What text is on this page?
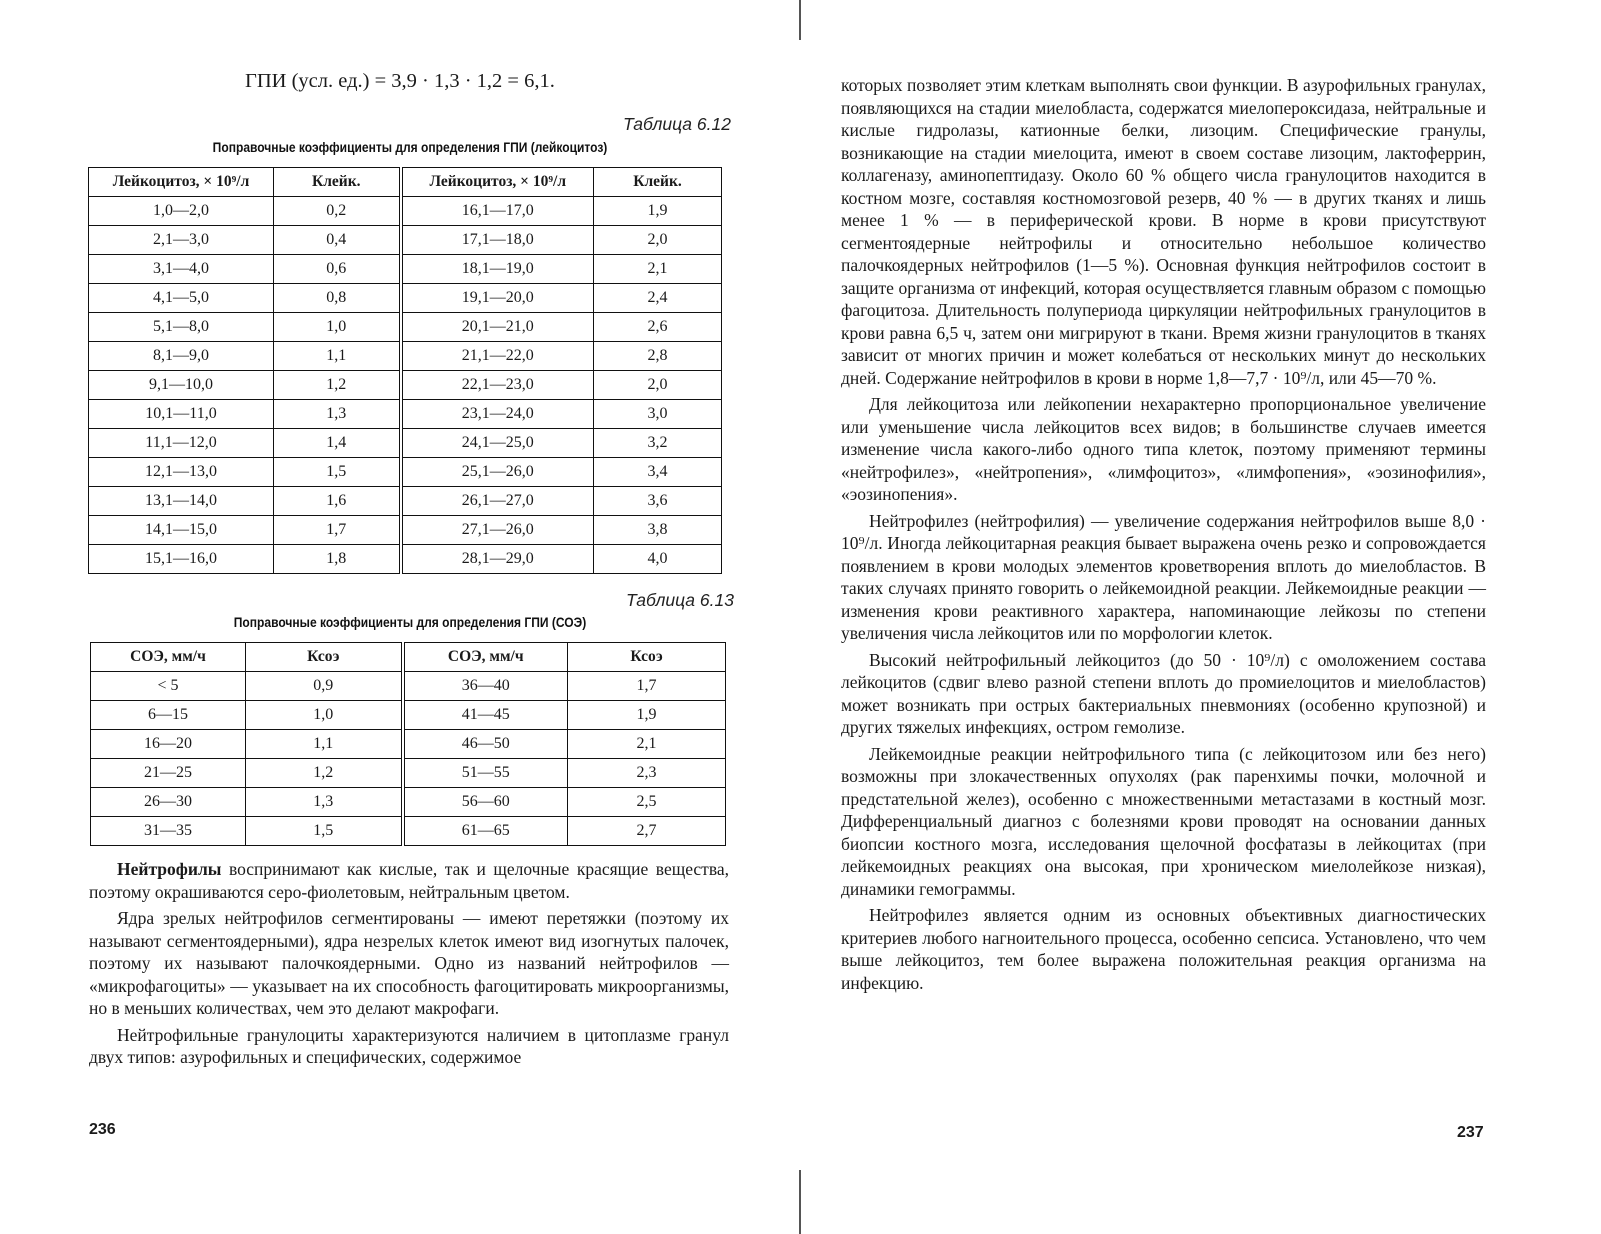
ГПИ (усл. ед.) = 3,9 · 1,3 · 1,2 = 6,1.
Таблица 6.12
Поправочные коэффициенты для определения ГПИ (лейкоцитоз)
Лейкоцитоз, × 10⁹/л	Клейк.	Лейкоцитоз, × 10⁹/л	Клейк.
1,0—2,0	0,2	16,1—17,0	1,9
2,1—3,0	0,4	17,1—18,0	2,0
3,1—4,0	0,6	18,1—19,0	2,1
4,1—5,0	0,8	19,1—20,0	2,4
5,1—8,0	1,0	20,1—21,0	2,6
8,1—9,0	1,1	21,1—22,0	2,8
9,1—10,0	1,2	22,1—23,0	2,0
10,1—11,0	1,3	23,1—24,0	3,0
11,1—12,0	1,4	24,1—25,0	3,2
12,1—13,0	1,5	25,1—26,0	3,4
13,1—14,0	1,6	26,1—27,0	3,6
14,1—15,0	1,7	27,1—26,0	3,8
15,1—16,0	1,8	28,1—29,0	4,0
Таблица 6.13
Поправочные коэффициенты для определения ГПИ (СОЭ)
СОЭ, мм/ч	Ксоэ	СОЭ, мм/ч	Ксоэ
< 5	0,9	36—40	1,7
6—15	1,0	41—45	1,9
16—20	1,1	46—50	2,1
21—25	1,2	51—55	2,3
26—30	1,3	56—60	2,5
31—35	1,5	61—65	2,7

Нейтрофилы воспринимают как кислые, так и щелочные красящие вещества, поэтому окрашиваются серо-фиолетовым, нейтральным цветом.

Ядра зрелых нейтрофилов сегментированы — имеют перетяжки (поэтому их называют сегментоядерными), ядра незрелых клеток имеют вид изогнутых палочек, поэтому их называют палочкоядерными. Одно из названий нейтрофилов — «микрофагоциты» — указывает на их способность фагоцитировать микроорганизмы, но в меньших количествах, чем это делают макрофаги.

Нейтрофильные гранулоциты характеризуются наличием в цитоплазме гранул двух типов: азурофильных и специфических, содержимое

236

которых позволяет этим клеткам выполнять свои функции. В азурофильных гранулах, появляющихся на стадии миелобласта, содержатся миелопероксидаза, нейтральные и кислые гидролазы, катионные белки, лизоцим. Специфические гранулы, возникающие на стадии миелоцита, имеют в своем составе лизоцим, лактоферрин, коллагеназу, аминопептидазу. Около 60 % общего числа гранулоцитов находится в костном мозге, составляя костномозговой резерв, 40 % — в других тканях и лишь менее 1 % — в периферической крови. В норме в крови присутствуют сегментоядерные нейтрофилы и относительно небольшое количество палочкоядерных нейтрофилов (1—5 %). Основная функция нейтрофилов состоит в защите организма от инфекций, которая осуществляется главным образом с помощью фагоцитоза. Длительность полупериода циркуляции нейтрофильных гранулоцитов в крови равна 6,5 ч, затем они мигрируют в ткани. Время жизни гранулоцитов в тканях зависит от многих причин и может колебаться от нескольких минут до нескольких дней. Содержание нейтрофилов в крови в норме 1,8—7,7 · 10⁹/л, или 45—70 %.

Для лейкоцитоза или лейкопении нехарактерно пропорциональное увеличение или уменьшение числа лейкоцитов всех видов; в большинстве случаев имеется изменение числа какого-либо одного типа клеток, поэтому применяют термины «нейтрофилез», «нейтропения», «лимфоцитоз», «лимфопения», «эозинофилия», «эозинопения».

Нейтрофилез (нейтрофилия) — увеличение содержания нейтрофилов выше 8,0 · 10⁹/л. Иногда лейкоцитарная реакция бывает выражена очень резко и сопровождается появлением в крови молодых элементов кроветворения вплоть до миелобластов. В таких случаях принято говорить о лейкемоидной реакции. Лейкемоидные реакции — изменения крови реактивного характера, напоминающие лейкозы по степени увеличения числа лейкоцитов или по морфологии клеток.

Высокий нейтрофильный лейкоцитоз (до 50 · 10⁹/л) с омоложением состава лейкоцитов (сдвиг влево разной степени вплоть до промиелоцитов и миелобластов) может возникать при острых бактериальных пневмониях (особенно крупозной) и других тяжелых инфекциях, остром гемолизе.

Лейкемоидные реакции нейтрофильного типа (с лейкоцитозом или без него) возможны при злокачественных опухолях (рак паренхимы почки, молочной и предстательной желез), особенно с множественными метастазами в костный мозг. Дифференциальный диагноз с болезнями крови проводят на основании данных биопсии костного мозга, исследования щелочной фосфатазы в лейкоцитах (при лейкемоидных реакциях она высокая, при хроническом миелолейкозе низкая), динамики гемограммы.

Нейтрофилез является одним из основных объективных диагностических критериев любого нагноительного процесса, особенно сепсиса. Установлено, что чем выше лейкоцитоз, тем более выражена положительная реакция организма на инфекцию.

237
